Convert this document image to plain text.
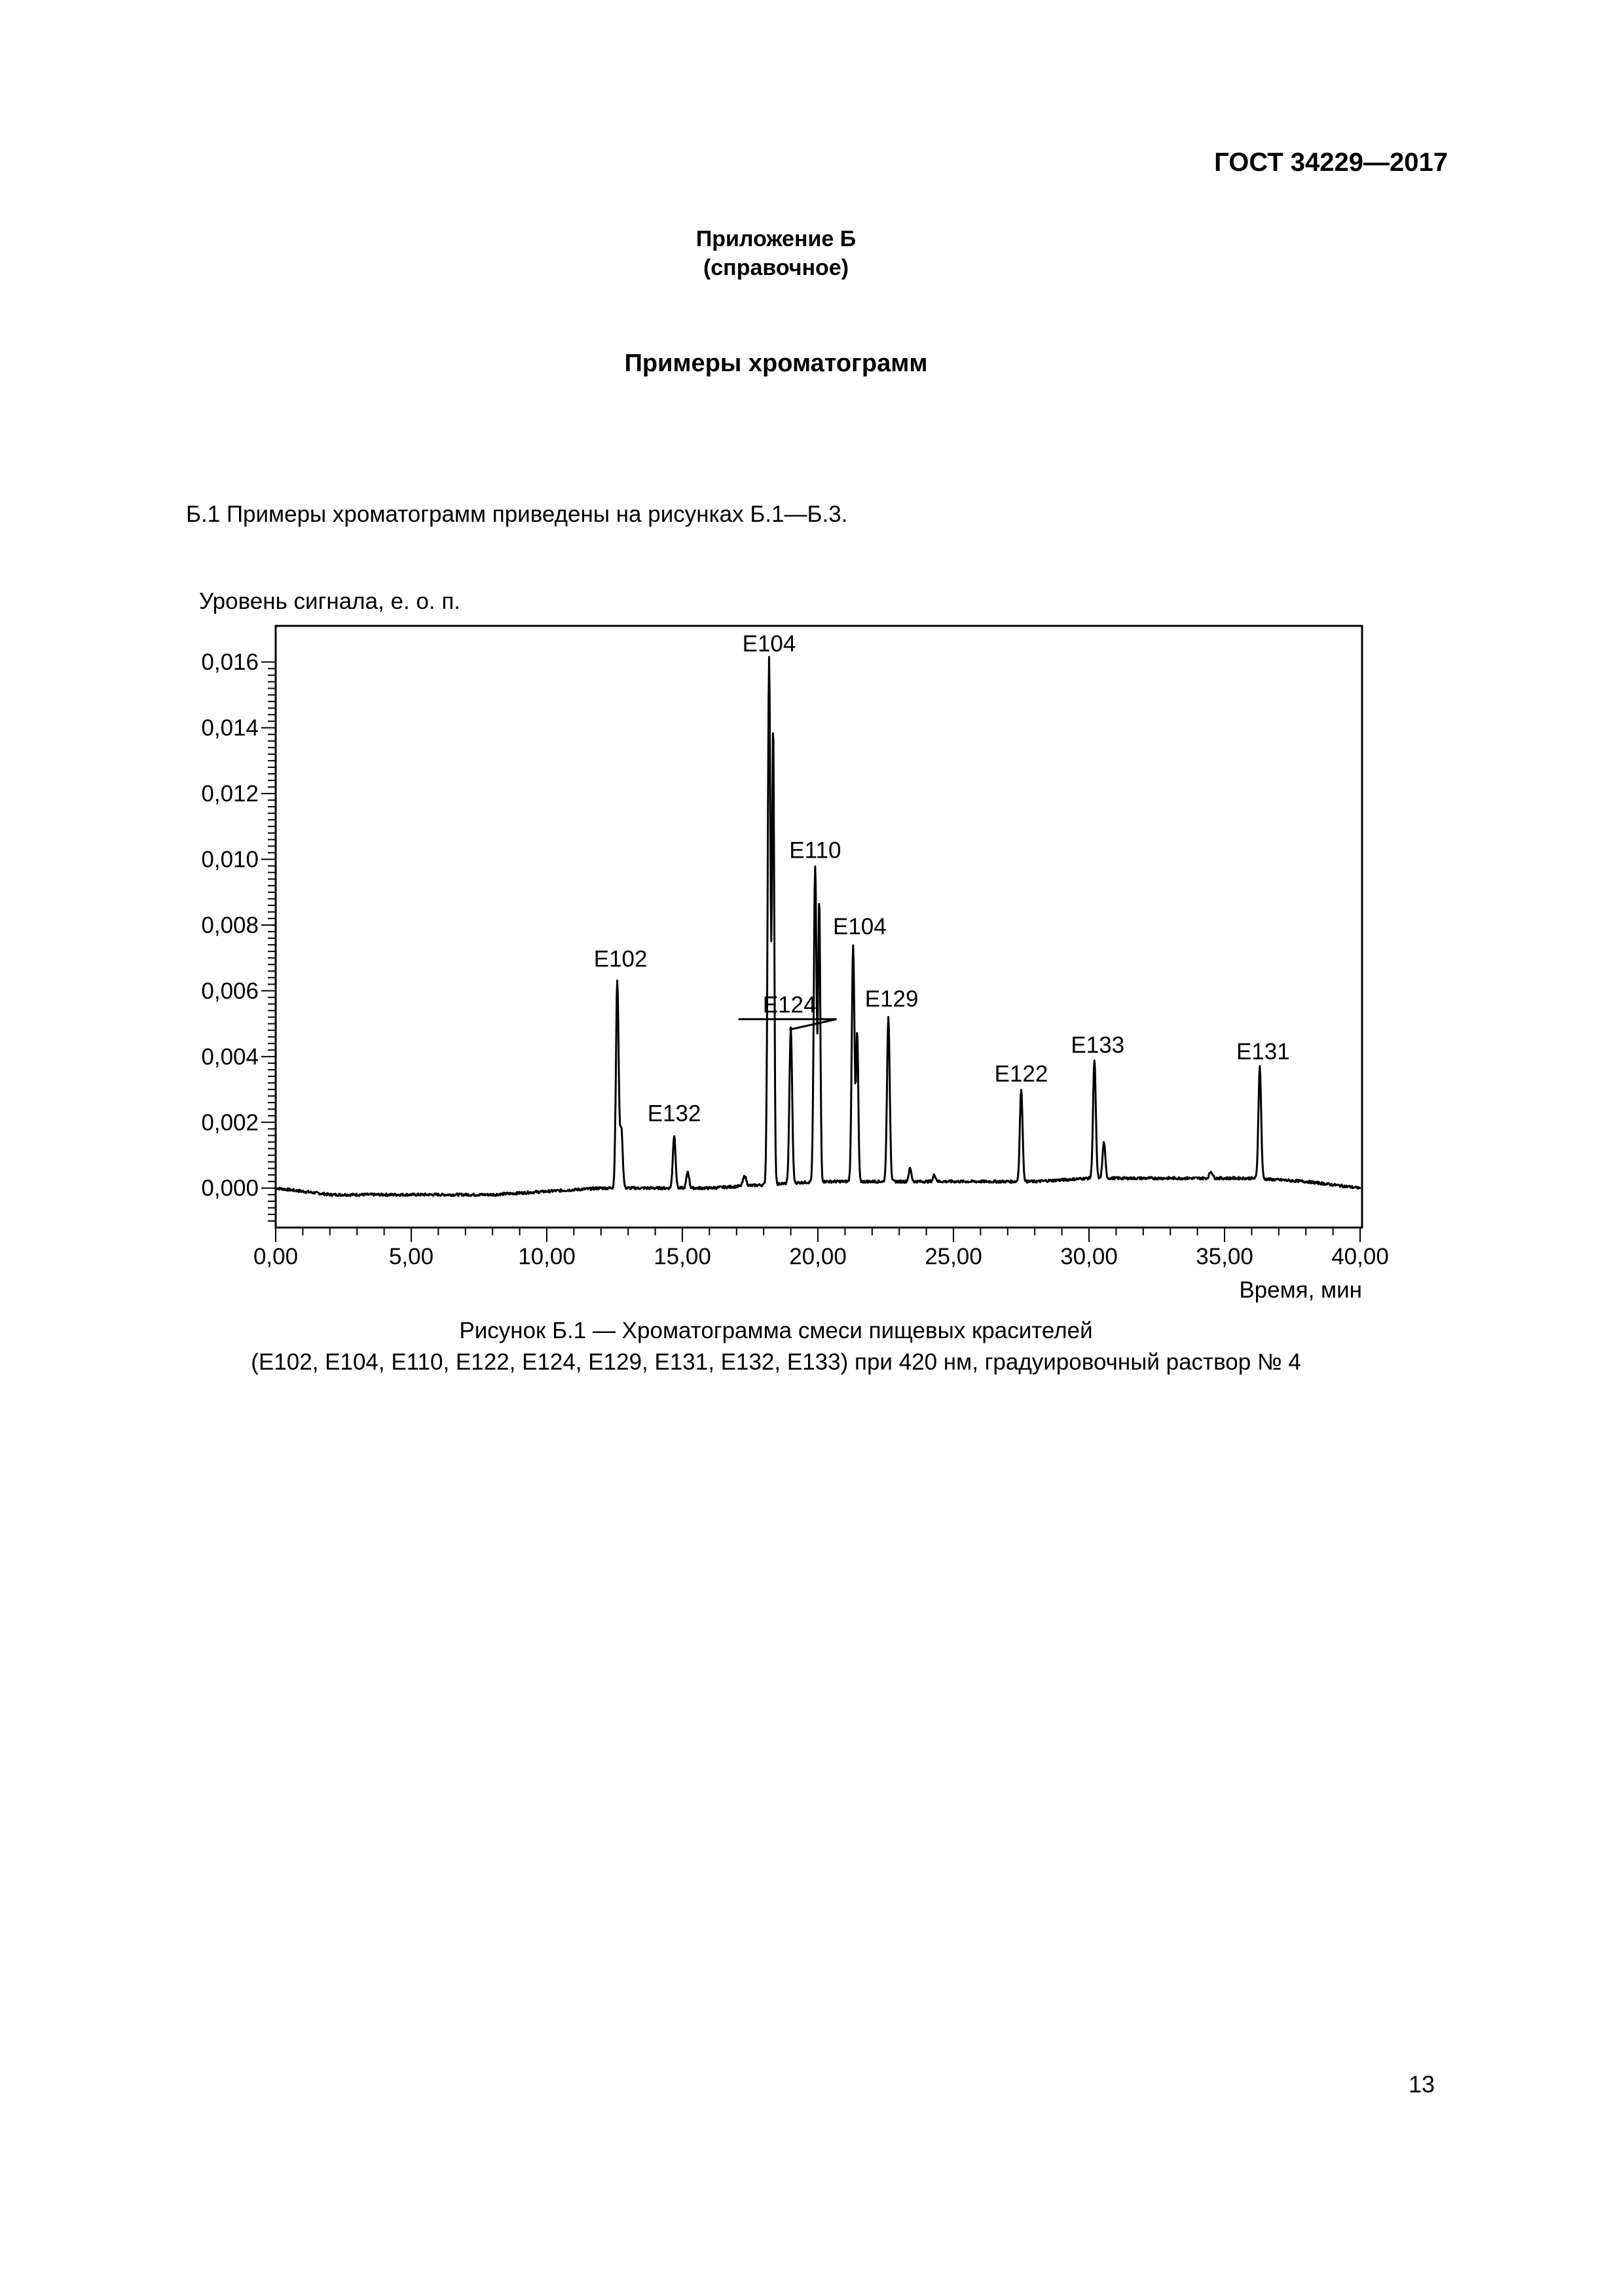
ГОСТ 34229—2017
Приложение Б
(справочное)
Примеры хроматограмм
Б.1 Примеры хроматограмм приведены на рисунках Б.1—Б.3.
Уровень сигнала, е. о. п.
0,00	5,00	10,00	15,00	20,00	25,00	30,00	35,00	40,00
0,000
0,002
0,004
0,006
0,008
0,010
0,012
0,014
0,016
E104
E110
E124
E104
E102
E129
E133	E131
E122
E132
Время, мин
Рисунок Б.1 — Хроматограмма смеси пищевых красителей
(E102, E104, E110, E122, E124, E129, E131, E132, E133) при 420 нм, градуировочный раствор № 4
13
